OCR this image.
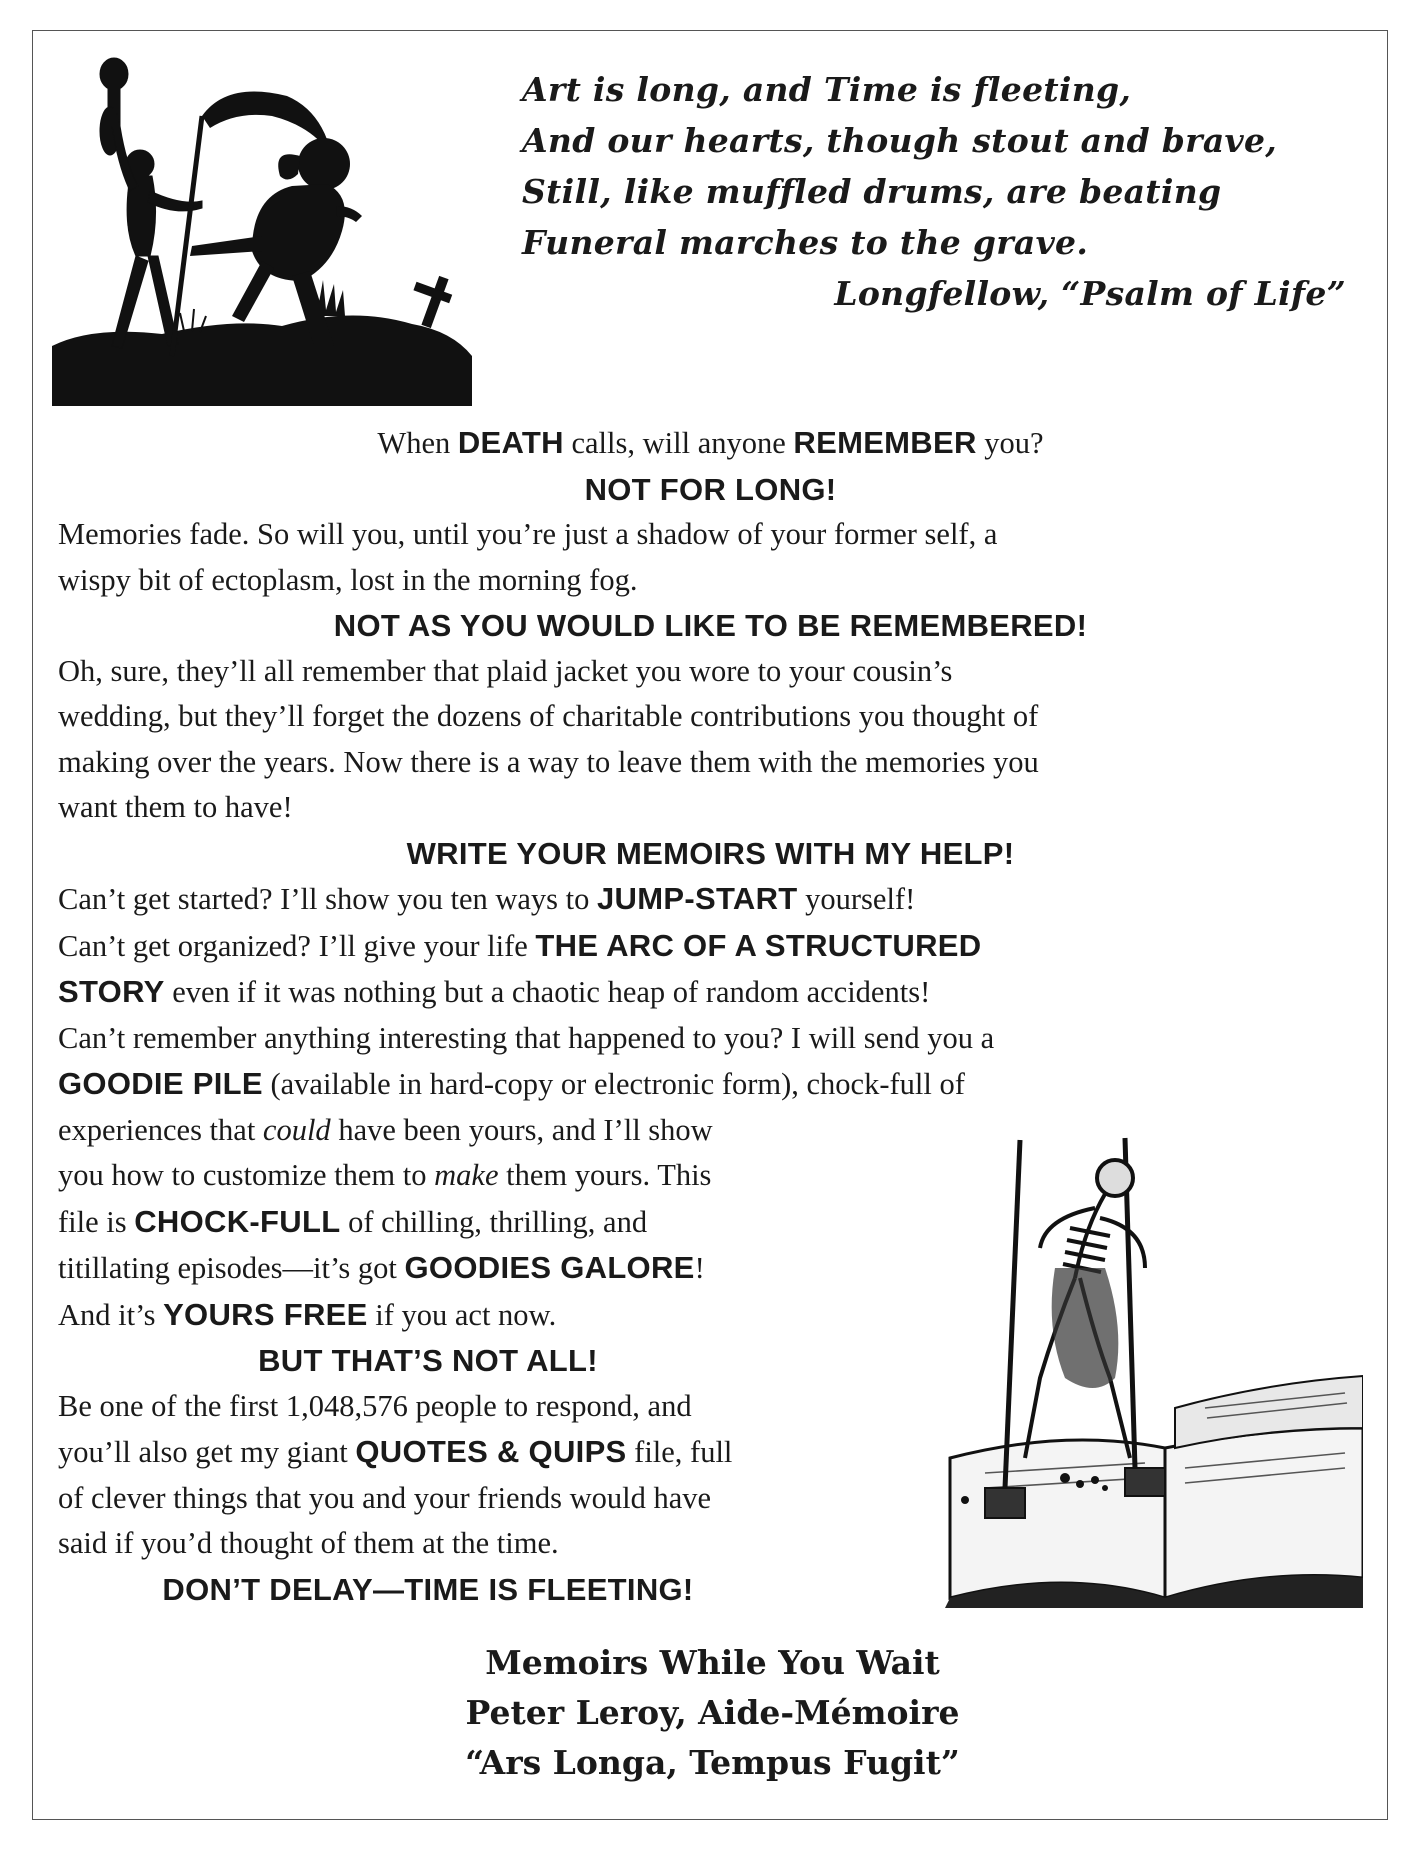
Art is long, and Time is fleeting,
And our hearts, though stout and brave,
Still, like muffled drums, are beating
Funeral marches to the grave.
Longfellow, “Psalm of Life”
When DEATH calls, will anyone REMEMBER you?
NOT FOR LONG!
Memories fade. So will you, until you’re just a shadow of your former self, a
wispy bit of ectoplasm, lost in the morning fog.
NOT AS YOU WOULD LIKE TO BE REMEMBERED!
Oh, sure, they’ll all remember that plaid jacket you wore to your cousin’s
wedding, but they’ll forget the dozens of charitable contributions you thought of
making over the years. Now there is a way to leave them with the memories you
want them to have!
WRITE YOUR MEMOIRS WITH MY HELP!
Can’t get started? I’ll show you ten ways to JUMP-START yourself!
Can’t get organized? I’ll give your life THE ARC OF A STRUCTURED
STORY even if it was nothing but a chaotic heap of random accidents!
Can’t remember anything interesting that happened to you? I will send you a
GOODIE PILE (available in hard-copy or electronic form), chock-full of
experiences that could have been yours, and I’ll show
you how to customize them to make them yours. This
file is CHOCK-FULL of chilling, thrilling, and
titillating episodes—it’s got GOODIES GALORE!
And it’s YOURS FREE if you act now.
BUT THAT’S NOT ALL!
Be one of the first 1,048,576 people to respond, and
you’ll also get my giant QUOTES & QUIPS file, full
of clever things that you and your friends would have
said if you’d thought of them at the time.
DON’T DELAY—TIME IS FLEETING!
Memoirs While You Wait
Peter Leroy, Aide-Mémoire
“Ars Longa, Tempus Fugit”
